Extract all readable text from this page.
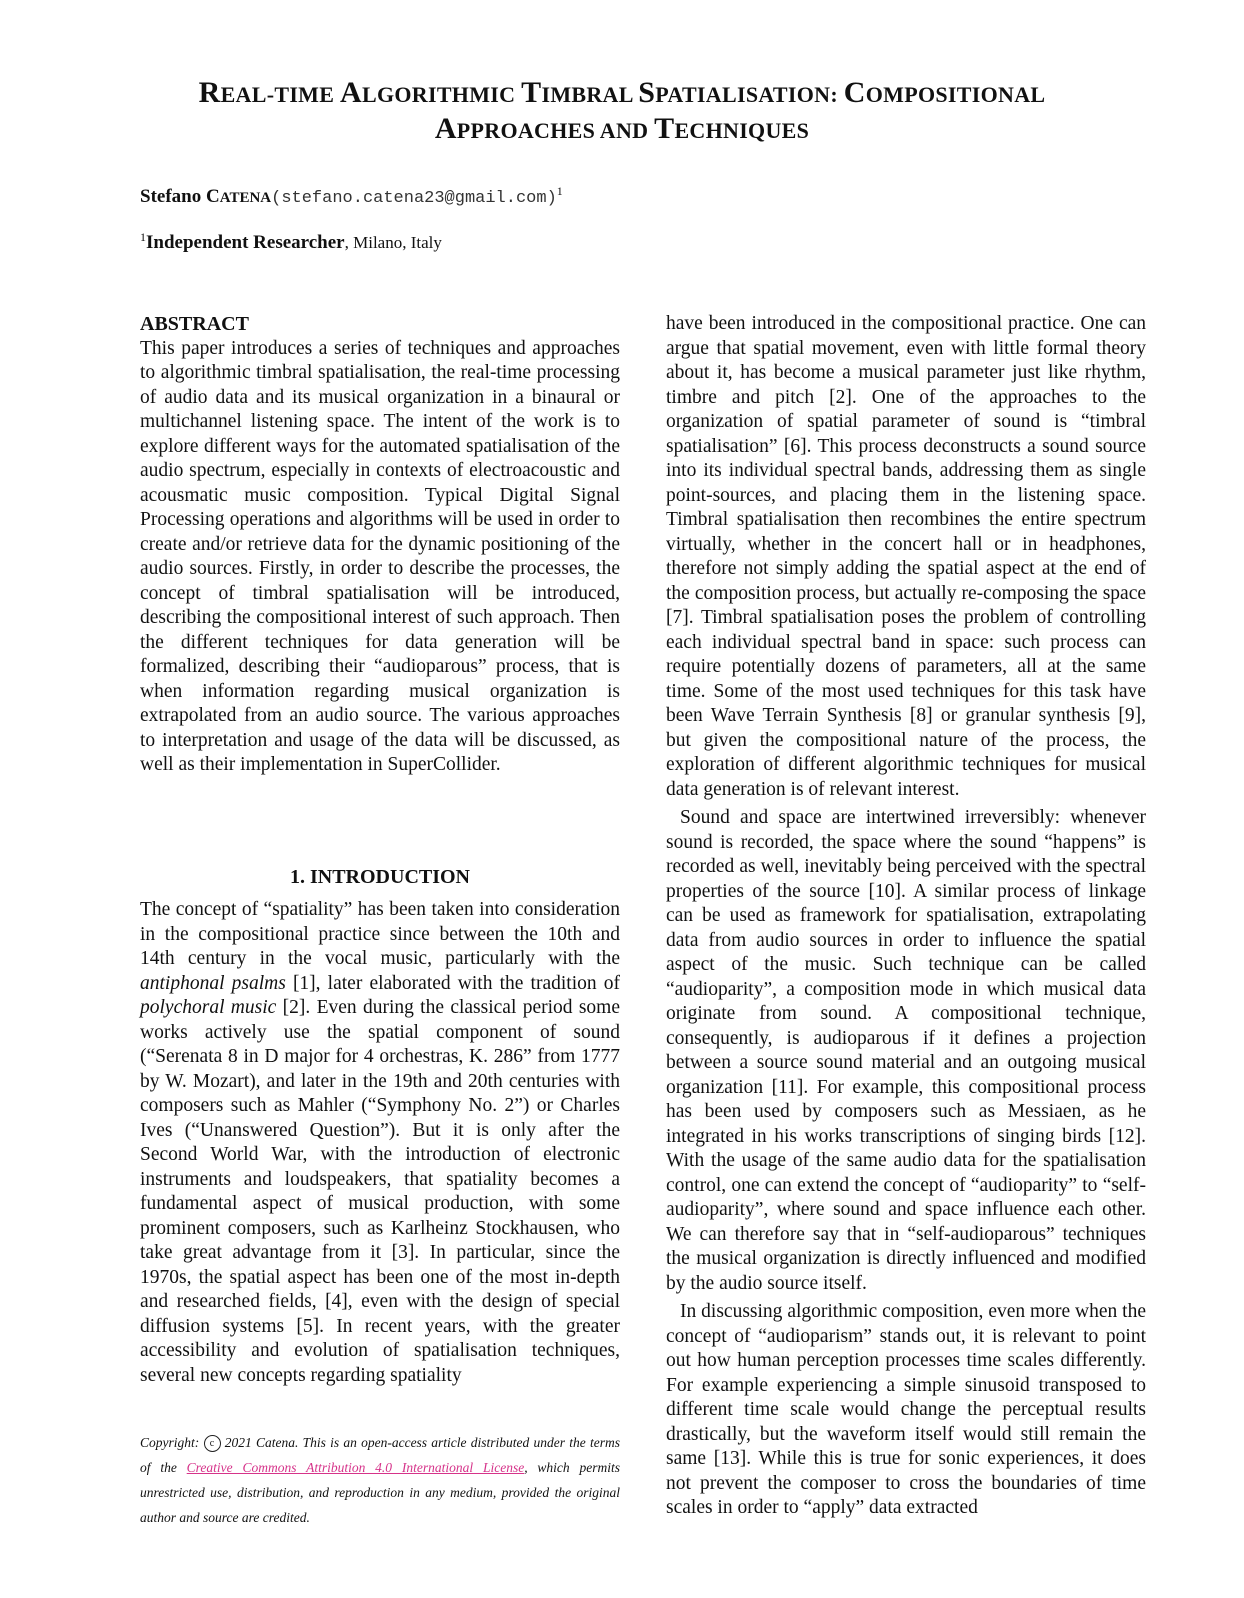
REAL-TIME ALGORITHMIC TIMBRAL SPATIALISATION: COMPOSITIONAL
APPROACHES AND TECHNIQUES
Stefano CATENA(stefano.catena23@gmail.com)$^1$
$^1$Independent Researcher, Milano, Italy

ABSTRACT

This paper introduces a series of techniques and approaches to algorithmic timbral spatialisation, the real-time processing of audio data and its musical organization in a binaural or multichannel listening space. The intent of the work is to explore different ways for the automated spatialisation of the audio spectrum, especially in contexts of electroacoustic and acousmatic music composition. Typical Digital Signal Processing operations and algorithms will be used in order to create and/or retrieve data for the dynamic positioning of the audio sources. Firstly, in order to describe the processes, the concept of timbral spatialisation will be introduced, describing the compositional interest of such approach. Then the different techniques for data generation will be formalized, describing their “audioparous” process, that is when information regarding musical organization is extrapolated from an audio source. The various approaches to interpretation and usage of the data will be discussed, as well as their implementation in SuperCollider.

1. INTRODUCTION

The concept of “spatiality” has been taken into consideration in the compositional practice since between the 10th and 14th century in the vocal music, particularly with the antiphonal psalms [1], later elaborated with the tradition of polychoral music [2]. Even during the classical period some works actively use the spatial component of sound (“Serenata 8 in D major for 4 orchestras, K. 286” from 1777 by W. Mozart), and later in the 19th and 20th centuries with composers such as Mahler (“Symphony No. 2”) or Charles Ives (“Unanswered Question”). But it is only after the Second World War, with the introduction of electronic instruments and loudspeakers, that spatiality becomes a fundamental aspect of musical production, with some prominent composers, such as Karlheinz Stockhausen, who take great advantage from it [3]. In particular, since the 1970s, the spatial aspect has been one of the most in-depth and researched fields, [4], even with the design of special diffusion systems [5]. In recent years, with the greater accessibility and evolution of spatialisation techniques, several new concepts regarding spatiality

Copyright: c 2021 Catena. This is an open-access article distributed under the terms of the Creative Commons Attribution 4.0 International License, which permits unrestricted use, distribution, and reproduction in any medium, provided the original author and source are credited.

have been introduced in the compositional practice. One can argue that spatial movement, even with little formal theory about it, has become a musical parameter just like rhythm, timbre and pitch [2]. One of the approaches to the organization of spatial parameter of sound is “timbral spatialisation” [6]. This process deconstructs a sound source into its individual spectral bands, addressing them as single point-sources, and placing them in the listening space. Timbral spatialisation then recombines the entire spectrum virtually, whether in the concert hall or in headphones, therefore not simply adding the spatial aspect at the end of the composition process, but actually re-composing the space [7]. Timbral spatialisation poses the problem of controlling each individual spectral band in space: such process can require potentially dozens of parameters, all at the same time. Some of the most used techniques for this task have been Wave Terrain Synthesis [8] or granular synthesis [9], but given the compositional nature of the process, the exploration of different algorithmic techniques for musical data generation is of relevant interest.

Sound and space are intertwined irreversibly: whenever sound is recorded, the space where the sound “happens” is recorded as well, inevitably being perceived with the spectral properties of the source [10]. A similar process of linkage can be used as framework for spatialisation, extrapolating data from audio sources in order to influence the spatial aspect of the music. Such technique can be called “audioparity”, a composition mode in which musical data originate from sound. A compositional technique, consequently, is audioparous if it defines a projection between a source sound material and an outgoing musical organization [11]. For example, this compositional process has been used by composers such as Messiaen, as he integrated in his works transcriptions of singing birds [12]. With the usage of the same audio data for the spatialisation control, one can extend the concept of “audioparity” to “self-audioparity”, where sound and space influence each other. We can therefore say that in “self-audioparous” techniques the musical organization is directly influenced and modified by the audio source itself.

In discussing algorithmic composition, even more when the concept of “audioparism” stands out, it is relevant to point out how human perception processes time scales differently. For example experiencing a simple sinusoid transposed to different time scale would change the perceptual results drastically, but the waveform itself would still remain the same [13]. While this is true for sonic experiences, it does not prevent the composer to cross the boundaries of time scales in order to “apply” data extracted
